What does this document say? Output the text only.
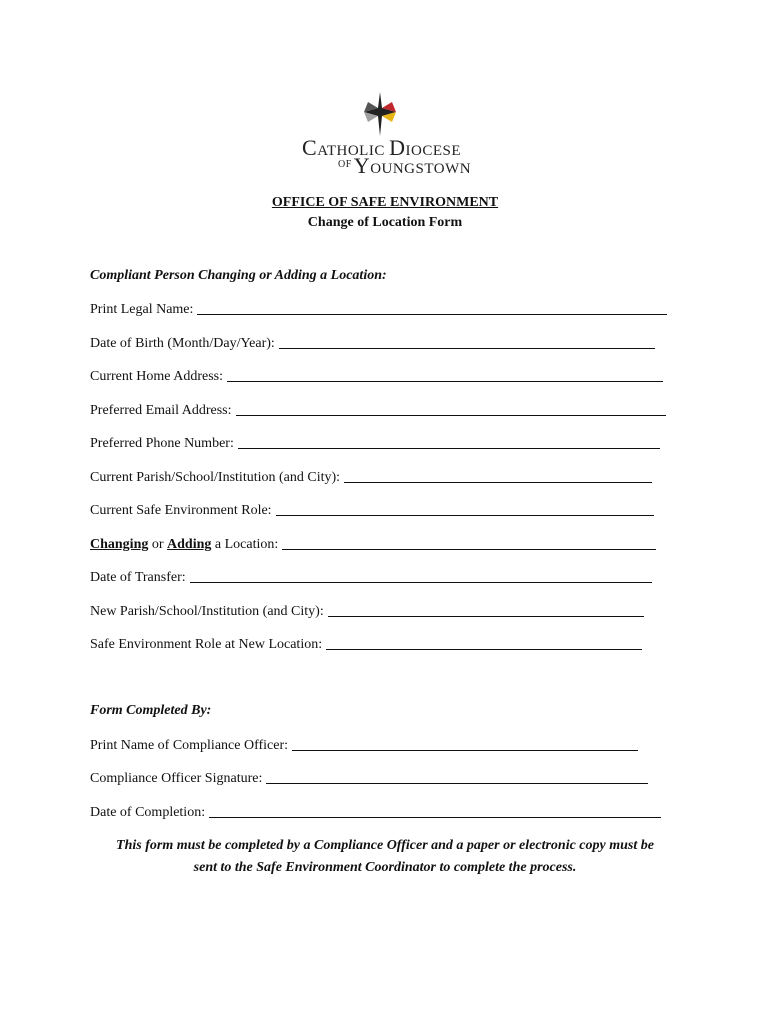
CATHOLIC DIOCESE
$^{OF}$YOUNGSTOWN
OFFICE OF SAFE ENVIRONMENT
Change of Location Form
Compliant Person Changing or Adding a Location:
Print Legal Name:
Date of Birth (Month/Day/Year):
Current Home Address:
Preferred Email Address:
Preferred Phone Number:
Current Parish/School/Institution (and City):
Current Safe Environment Role:
Changing or Adding a Location:
Date of Transfer:
New Parish/School/Institution (and City):
Safe Environment Role at New Location:
Form Completed By:
Print Name of Compliance Officer:
Compliance Officer Signature:
Date of Completion:
This form must be completed by a Compliance Officer and a paper or electronic copy must be
sent to the Safe Environment Coordinator to complete the process.
